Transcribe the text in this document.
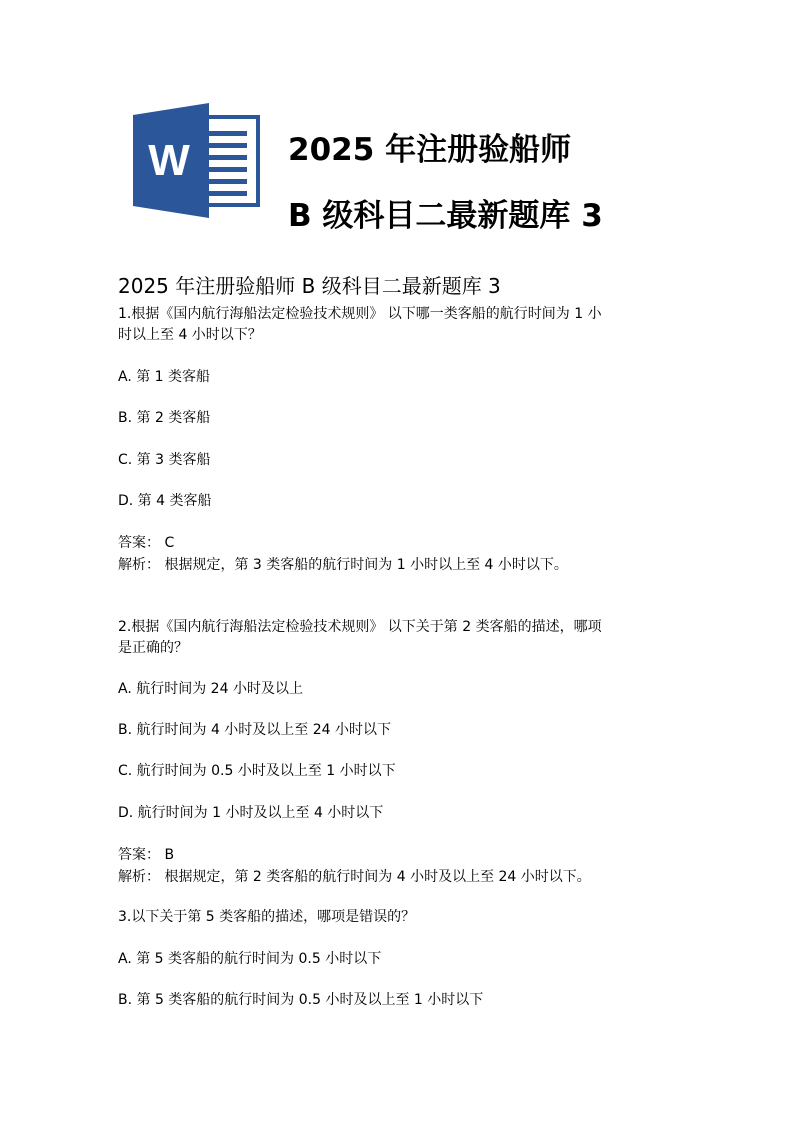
W	2025 年注册验船师
B 级科目二最新题库 3
2025 年注册验船师 B 级科目二最新题库 3
1.根据《国内航行海船法定检验技术规则》 以下哪一类客船的航行时间为 1 小
时以上至 4 小时以下？
A. 第 1 类客船
B. 第 2 类客船
C. 第 3 类客船
D. 第 4 类客船
答案： C
解析： 根据规定，第 3 类客船的航行时间为 1 小时以上至 4 小时以下。
2.根据《国内航行海船法定检验技术规则》 以下关于第 2 类客船的描述，哪项
是正确的？
A. 航行时间为 24 小时及以上
B. 航行时间为 4 小时及以上至 24 小时以下
C. 航行时间为 0.5 小时及以上至 1 小时以下
D. 航行时间为 1 小时及以上至 4 小时以下
答案： B
解析： 根据规定，第 2 类客船的航行时间为 4 小时及以上至 24 小时以下。
3.以下关于第 5 类客船的描述，哪项是错误的？
A. 第 5 类客船的航行时间为 0.5 小时以下
B. 第 5 类客船的航行时间为 0.5 小时及以上至 1 小时以下
